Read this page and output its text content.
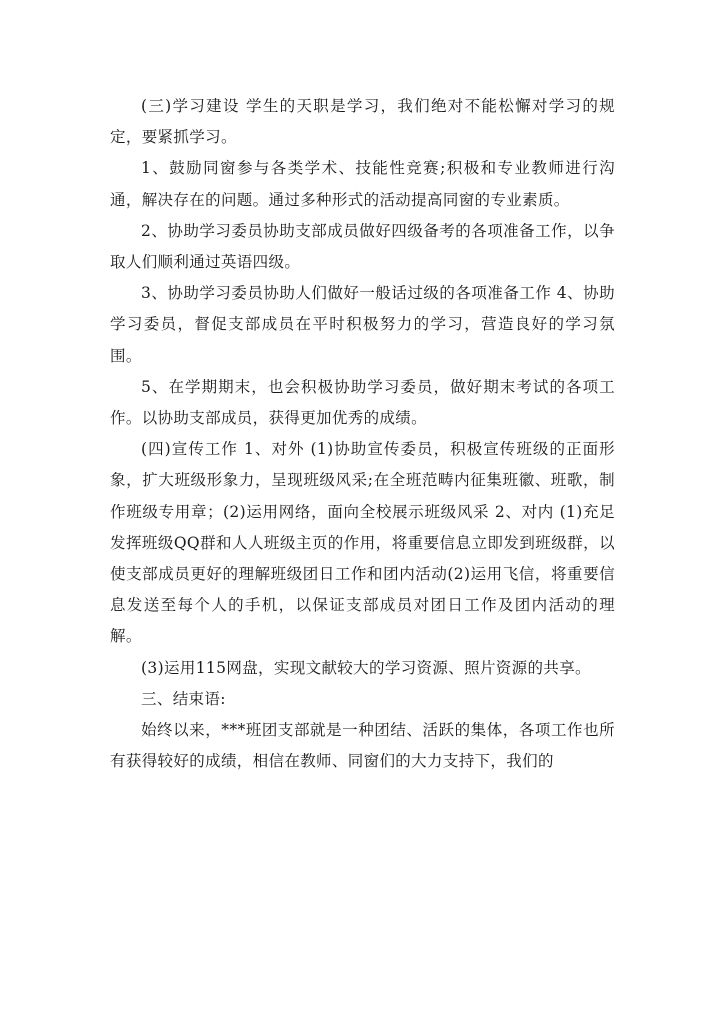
(三)学习建设 学生的天职是学习，我们绝对不能松懈对学习的规定，要紧抓学习。

1、鼓励同窗参与各类学术、技能性竞赛;积极和专业教师进行沟通，解决存在的问题。通过多种形式的活动提高同窗的专业素质。

2、协助学习委员协助支部成员做好四级备考的各项准备工作，以争取人们顺利通过英语四级。

3、协助学习委员协助人们做好一般话过级的各项准备工作 4、协助学习委员，督促支部成员在平时积极努力的学习，营造良好的学习氛围。

5、在学期期末，也会积极协助学习委员，做好期末考试的各项工作。以协助支部成员，获得更加优秀的成绩。

(四)宣传工作 1、对外 (1)协助宣传委员，积极宣传班级的正面形象，扩大班级形象力，呈现班级风采;在全班范畴内征集班徽、班歌，制作班级专用章；(2)运用网络，面向全校展示班级风采 2、对内 (1)充足发挥班级QQ群和人人班级主页的作用，将重要信息立即发到班级群，以使支部成员更好的理解班级团日工作和团内活动(2)运用飞信，将重要信息发送至每个人的手机，以保证支部成员对团日工作及团内活动的理解。

(3)运用115网盘，实现文献较大的学习资源、照片资源的共享。

三、结束语:

始终以来，***班团支部就是一种团结、活跃的集体，各项工作也所有获得较好的成绩，相信在教师、同窗们的大力支持下，我们的
